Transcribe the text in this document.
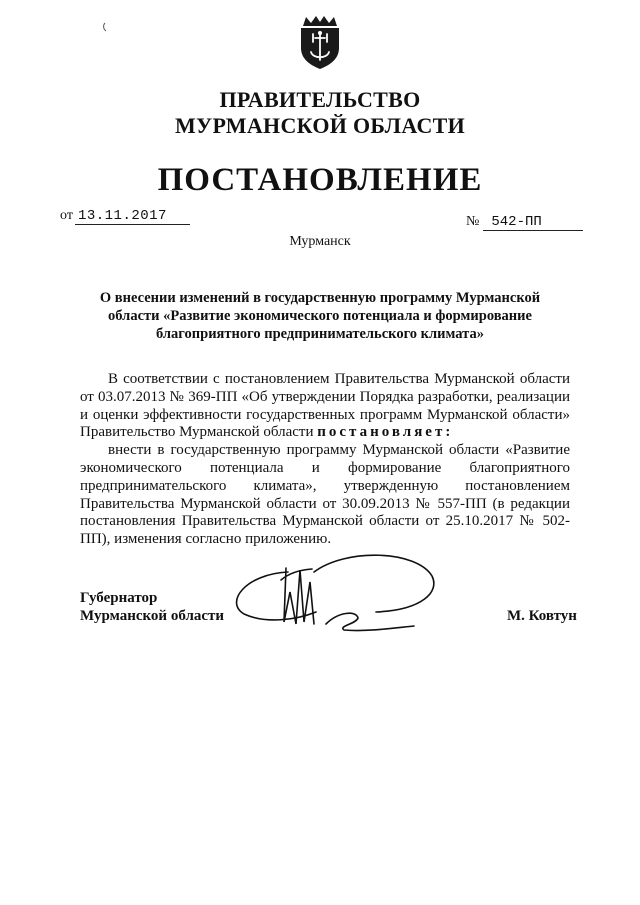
ПРАВИТЕЛЬСТВО
МУРМАНСКОЙ ОБЛАСТИ
ПОСТАНОВЛЕНИЕ
от 13.11.2017	№ 542-ПП
Мурманск
О внесении изменений в государственную программу Мурманской области «Развитие экономического потенциала и формирование благоприятного предпринимательского климата»

В соответствии с постановлением Правительства Мурманской области от 03.07.2013 № 369-ПП «Об утверждении Порядка разработки, реализации и оценки эффективности государственных программ Мурманской области» Правительство Мурманской области постановляет:

внести в государственную программу Мурманской области «Развитие экономического потенциала и формирование благоприятного предпринимательского климата», утвержденную постановлением Правительства Мурманской области от 30.09.2013 № 557-ПП (в редакции постановления Правительства Мурманской области от 25.10.2017 № 502-ПП), изменения согласно приложению.

Губернатор
Мурманской области	М. Ковтун
